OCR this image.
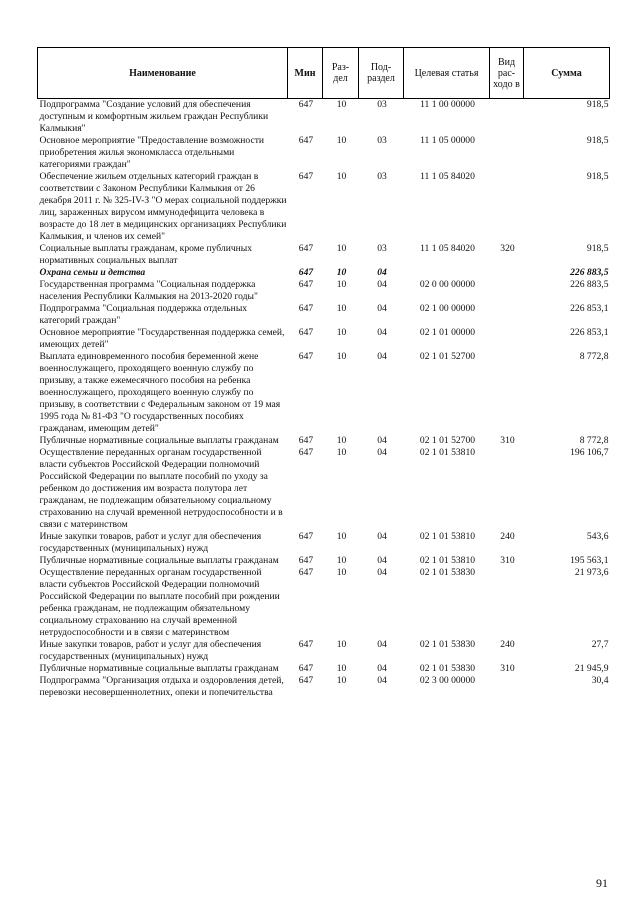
Наименование	Мин	Раз-дел	Под-раздел	Целевая статья	Вид рас-ходо в	Сумма
Подпрограмма "Создание условий для обеспечения доступным и комфортным жильем граждан Республики Калмыкия"	647	10	03	11 1 00 00000		918,5
Основное мероприятие "Предоставление возможности приобретения жилья экономкласса отдельными категориями граждан"	647	10	03	11 1 05 00000		918,5
Обеспечение жильем отдельных категорий граждан в соответствии с Законом Республики Калмыкия от 26 декабря 2011 г. № 325-IV-З "О мерах социальной поддержки лиц, зараженных вирусом иммунодефицита человека в возрасте до 18 лет в медицинских организациях Республики Калмыкия, и членов их семей"	647	10	03	11 1 05 84020		918,5
Социальные выплаты гражданам, кроме публичных нормативных социальных выплат	647	10	03	11 1 05 84020	320	918,5
Охрана семьи и детства	647	10	04			226 883,5
Государственная программа "Социальная поддержка населения Республики Калмыкия на 2013-2020 годы"	647	10	04	02 0 00 00000		226 883,5
Подпрограмма "Социальная поддержка отдельных категорий граждан"	647	10	04	02 1 00 00000		226 853,1
Основное мероприятие "Государственная поддержка семей, имеющих детей"	647	10	04	02 1 01 00000		226 853,1
Выплата единовременного пособия беременной жене военнослужащего, проходящего военную службу по призыву, а также ежемесячного пособия на ребенка военнослужащего, проходящего военную службу по призыву, в соответствии с Федеральным законом от 19 мая 1995 года № 81-ФЗ "О государственных пособиях гражданам, имеющим детей"	647	10	04	02 1 01 52700		8 772,8
Публичные нормативные социальные выплаты гражданам	647	10	04	02 1 01 52700	310	8 772,8
Осуществление переданных органам государственной власти субъектов Российской Федерации полномочий Российской Федерации по выплате пособий по уходу за ребенком до достижения им возраста полутора лет гражданам, не подлежащим обязательному социальному страхованию на случай временной нетрудоспособности и в связи с материнством	647	10	04	02 1 01 53810		196 106,7
Иные закупки товаров, работ и услуг для обеспечения государственных (муниципальных) нужд	647	10	04	02 1 01 53810	240	543,6
Публичные нормативные социальные выплаты гражданам	647	10	04	02 1 01 53810	310	195 563,1
Осуществление переданных органам государственной власти субъектов Российской Федерации полномочий Российской Федерации по выплате пособий при рождении ребенка гражданам, не подлежащим обязательному социальному страхованию на случай временной нетрудоспособности и в связи с материнством	647	10	04	02 1 01 53830		21 973,6
Иные закупки товаров, работ и услуг для обеспечения государственных (муниципальных) нужд	647	10	04	02 1 01 53830	240	27,7
Публичные нормативные социальные выплаты гражданам	647	10	04	02 1 01 53830	310	21 945,9
Подпрограмма "Организация отдыха и оздоровления детей, перевозки несовершеннолетних, опеки и попечительства	647	10	04	02 3 00 00000		30,4
91
